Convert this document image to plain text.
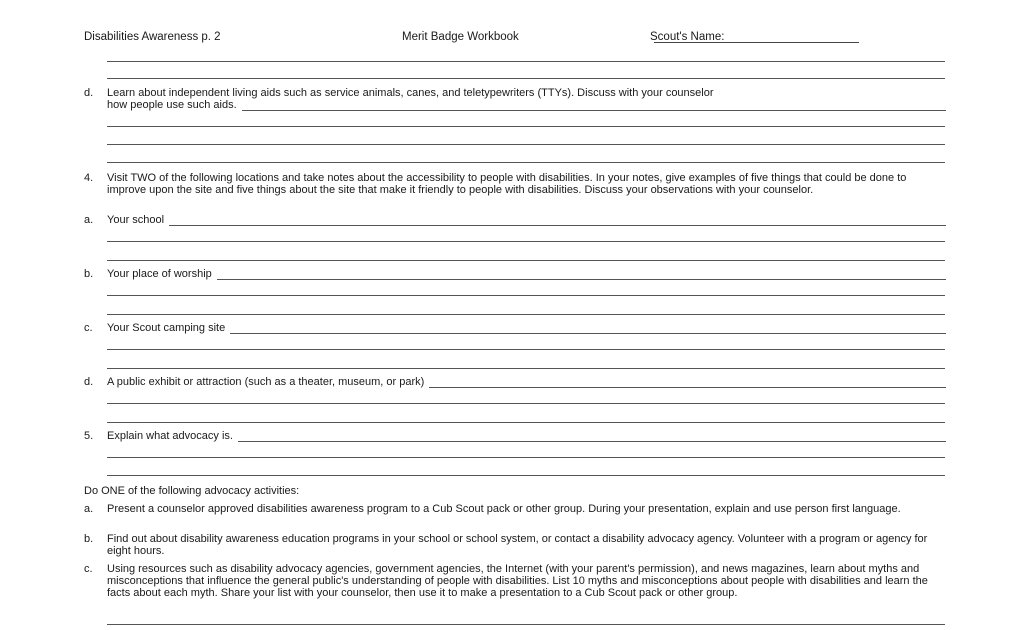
Disabilities Awareness p. 2	Merit Badge Workbook	Scout's Name:
d. Learn about independent living aids such as service animals, canes, and teletypewriters (TTYs). Discuss with your counselor
how people use such aids.
4. Visit TWO of the following locations and take notes about the accessibility to people with disabilities. In your notes, give examples of five things that could be done to improve upon the site and five things about the site that make it friendly to people with disabilities. Discuss your observations with your counselor.
a. Your school
b. Your place of worship
c. Your Scout camping site
d. A public exhibit or attraction (such as a theater, museum, or park)
5. Explain what advocacy is.
Do ONE of the following advocacy activities:
a. Present a counselor approved disabilities awareness program to a Cub Scout pack or other group. During your presentation, explain and use person first language.
b. Find out about disability awareness education programs in your school or school system, or contact a disability advocacy agency. Volunteer with a program or agency for eight hours.
c. Using resources such as disability advocacy agencies, government agencies, the Internet (with your parent's permission), and news magazines, learn about myths and misconceptions that influence the general public's understanding of people with disabilities. List 10 myths and misconceptions about people with disabilities and learn the facts about each myth. Share your list with your counselor, then use it to make a presentation to a Cub Scout pack or other group.
